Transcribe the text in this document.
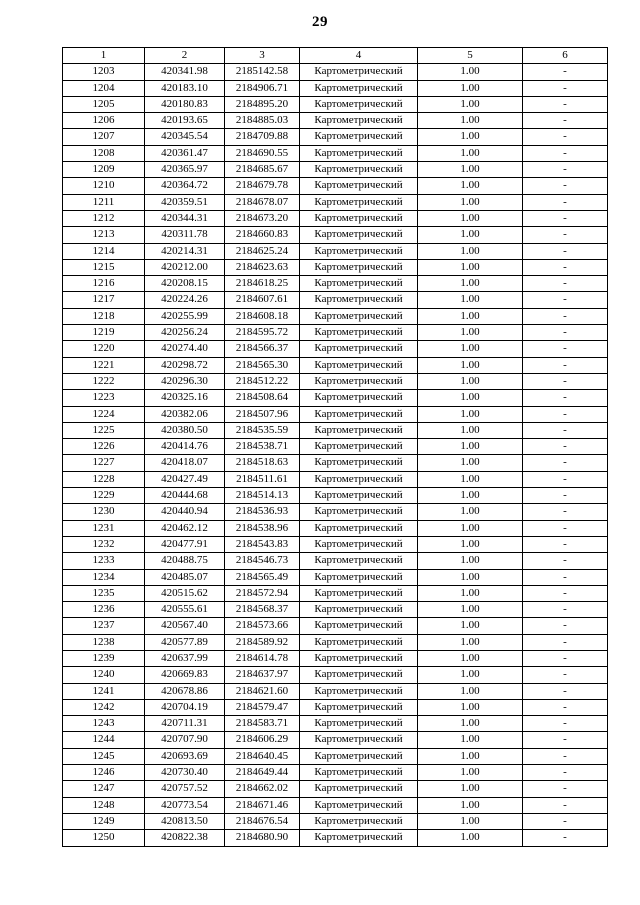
29
1	2	3	4	5	6
1203	420341.98	2185142.58	Картометрический	1.00	-
1204	420183.10	2184906.71	Картометрический	1.00	-
1205	420180.83	2184895.20	Картометрический	1.00	-
1206	420193.65	2184885.03	Картометрический	1.00	-
1207	420345.54	2184709.88	Картометрический	1.00	-
1208	420361.47	2184690.55	Картометрический	1.00	-
1209	420365.97	2184685.67	Картометрический	1.00	-
1210	420364.72	2184679.78	Картометрический	1.00	-
1211	420359.51	2184678.07	Картометрический	1.00	-
1212	420344.31	2184673.20	Картометрический	1.00	-
1213	420311.78	2184660.83	Картометрический	1.00	-
1214	420214.31	2184625.24	Картометрический	1.00	-
1215	420212.00	2184623.63	Картометрический	1.00	-
1216	420208.15	2184618.25	Картометрический	1.00	-
1217	420224.26	2184607.61	Картометрический	1.00	-
1218	420255.99	2184608.18	Картометрический	1.00	-
1219	420256.24	2184595.72	Картометрический	1.00	-
1220	420274.40	2184566.37	Картометрический	1.00	-
1221	420298.72	2184565.30	Картометрический	1.00	-
1222	420296.30	2184512.22	Картометрический	1.00	-
1223	420325.16	2184508.64	Картометрический	1.00	-
1224	420382.06	2184507.96	Картометрический	1.00	-
1225	420380.50	2184535.59	Картометрический	1.00	-
1226	420414.76	2184538.71	Картометрический	1.00	-
1227	420418.07	2184518.63	Картометрический	1.00	-
1228	420427.49	2184511.61	Картометрический	1.00	-
1229	420444.68	2184514.13	Картометрический	1.00	-
1230	420440.94	2184536.93	Картометрический	1.00	-
1231	420462.12	2184538.96	Картометрический	1.00	-
1232	420477.91	2184543.83	Картометрический	1.00	-
1233	420488.75	2184546.73	Картометрический	1.00	-
1234	420485.07	2184565.49	Картометрический	1.00	-
1235	420515.62	2184572.94	Картометрический	1.00	-
1236	420555.61	2184568.37	Картометрический	1.00	-
1237	420567.40	2184573.66	Картометрический	1.00	-
1238	420577.89	2184589.92	Картометрический	1.00	-
1239	420637.99	2184614.78	Картометрический	1.00	-
1240	420669.83	2184637.97	Картометрический	1.00	-
1241	420678.86	2184621.60	Картометрический	1.00	-
1242	420704.19	2184579.47	Картометрический	1.00	-
1243	420711.31	2184583.71	Картометрический	1.00	-
1244	420707.90	2184606.29	Картометрический	1.00	-
1245	420693.69	2184640.45	Картометрический	1.00	-
1246	420730.40	2184649.44	Картометрический	1.00	-
1247	420757.52	2184662.02	Картометрический	1.00	-
1248	420773.54	2184671.46	Картометрический	1.00	-
1249	420813.50	2184676.54	Картометрический	1.00	-
1250	420822.38	2184680.90	Картометрический	1.00	-
